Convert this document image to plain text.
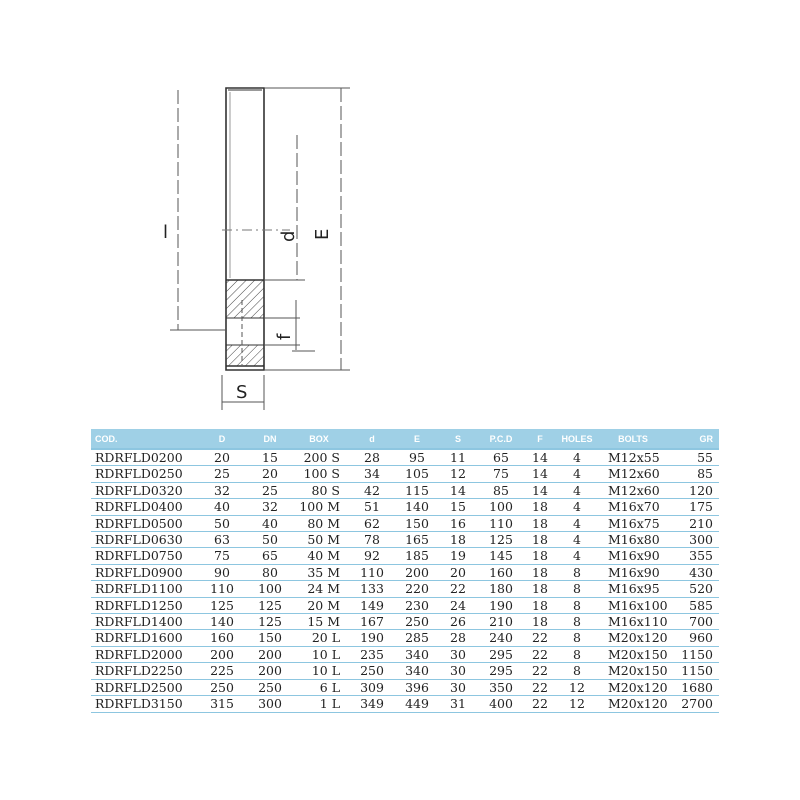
l	d E
f
S
COD.	D	DN	BOX	d	E	S	P.C.D	F	HOLES	BOLTS	GR
RDRFLD0200	20	15	200 S	28	95	11	65	14	4	M12x55	55
RDRFLD0250	25	20	100 S	34	105	12	75	14	4	M12x60	85
RDRFLD0320	32	25	80 S	42	115	14	85	14	4	M12x60	120
RDRFLD0400	40	32	100 M	51	140	15	100	18	4	M16x70	175
RDRFLD0500	50	40	80 M	62	150	16	110	18	4	M16x75	210
RDRFLD0630	63	50	50 M	78	165	18	125	18	4	M16x80	300
RDRFLD0750	75	65	40 M	92	185	19	145	18	4	M16x90	355
RDRFLD0900	90	80	35 M	110	200	20	160	18	8	M16x90	430
RDRFLD1100	110	100	24 M	133	220	22	180	18	8	M16x95	520
RDRFLD1250	125	125	20 M	149	230	24	190	18	8	M16x100	585
RDRFLD1400	140	125	15 M	167	250	26	210	18	8	M16x110	700
RDRFLD1600	160	150	20 L	190	285	28	240	22	8	M20x120	960
RDRFLD2000	200	200	10 L	235	340	30	295	22	8	M20x150	1150
RDRFLD2250	225	200	10 L	250	340	30	295	22	8	M20x150	1150
RDRFLD2500	250	250	6 L	309	396	30	350	22	12	M20x120	1680
RDRFLD3150	315	300	1 L	349	449	31	400	22	12	M20x120	2700
